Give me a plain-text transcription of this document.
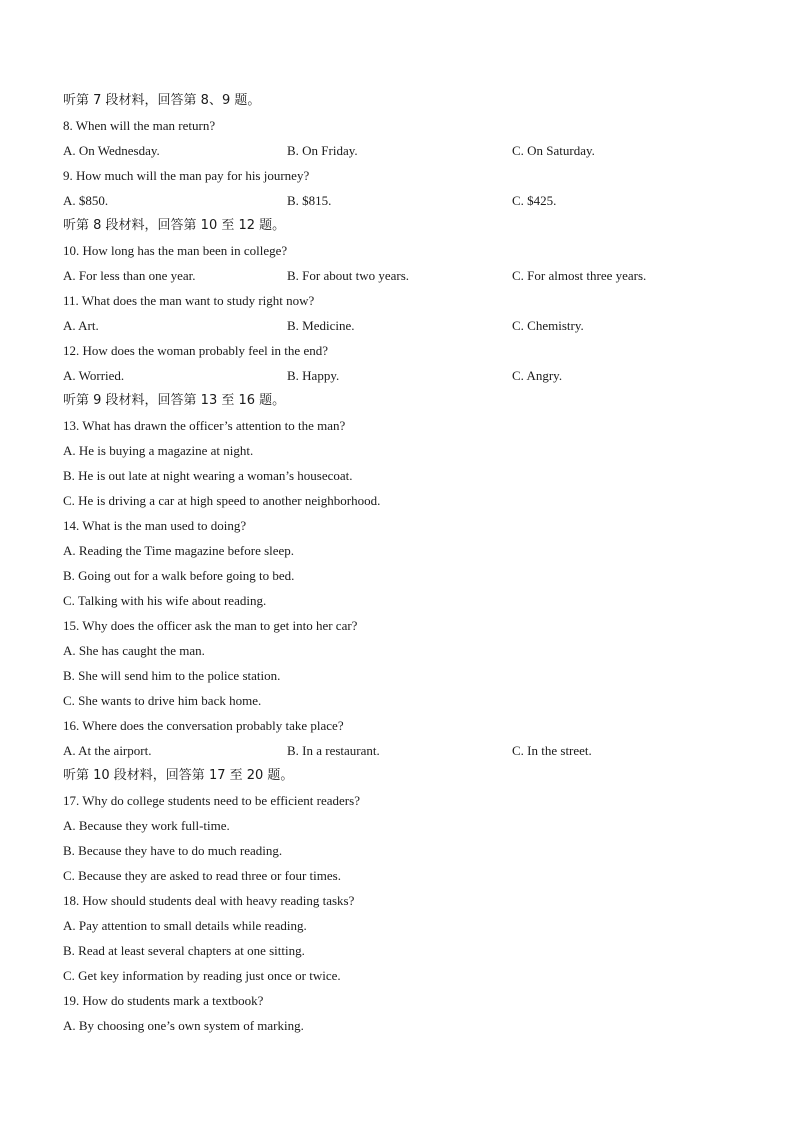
听第 7 段材料，回答第 8、9 题。
8. When will the man return?
A. On Wednesday.	B. On Friday.	C. On Saturday.
9. How much will the man pay for his journey?
A. $850.	B. $815.	C. $425.
听第 8 段材料，回答第 10 至 12 题。
10. How long has the man been in college?
A. For less than one year.	B. For about two years.	C. For almost three years.
11. What does the man want to study right now?
A. Art.	B. Medicine.	C. Chemistry.
12. How does the woman probably feel in the end?
A. Worried.	B. Happy.	C. Angry.
听第 9 段材料，回答第 13 至 16 题。
13. What has drawn the officer’s attention to the man?
A. He is buying a magazine at night.
B. He is out late at night wearing a woman’s housecoat.
C. He is driving a car at high speed to another neighborhood.
14. What is the man used to doing?
A. Reading the Time magazine before sleep.
B. Going out for a walk before going to bed.
C. Talking with his wife about reading.
15. Why does the officer ask the man to get into her car?
A. She has caught the man.
B. She will send him to the police station.
C. She wants to drive him back home.
16. Where does the conversation probably take place?
A. At the airport.	B. In a restaurant.	C. In the street.
听第 10 段材料，回答第 17 至 20 题。
17. Why do college students need to be efficient readers?
A. Because they work full-time.
B. Because they have to do much reading.
C. Because they are asked to read three or four times.
18. How should students deal with heavy reading tasks?
A. Pay attention to small details while reading.
B. Read at least several chapters at one sitting.
C. Get key information by reading just once or twice.
19. How do students mark a textbook?
A. By choosing one’s own system of marking.
